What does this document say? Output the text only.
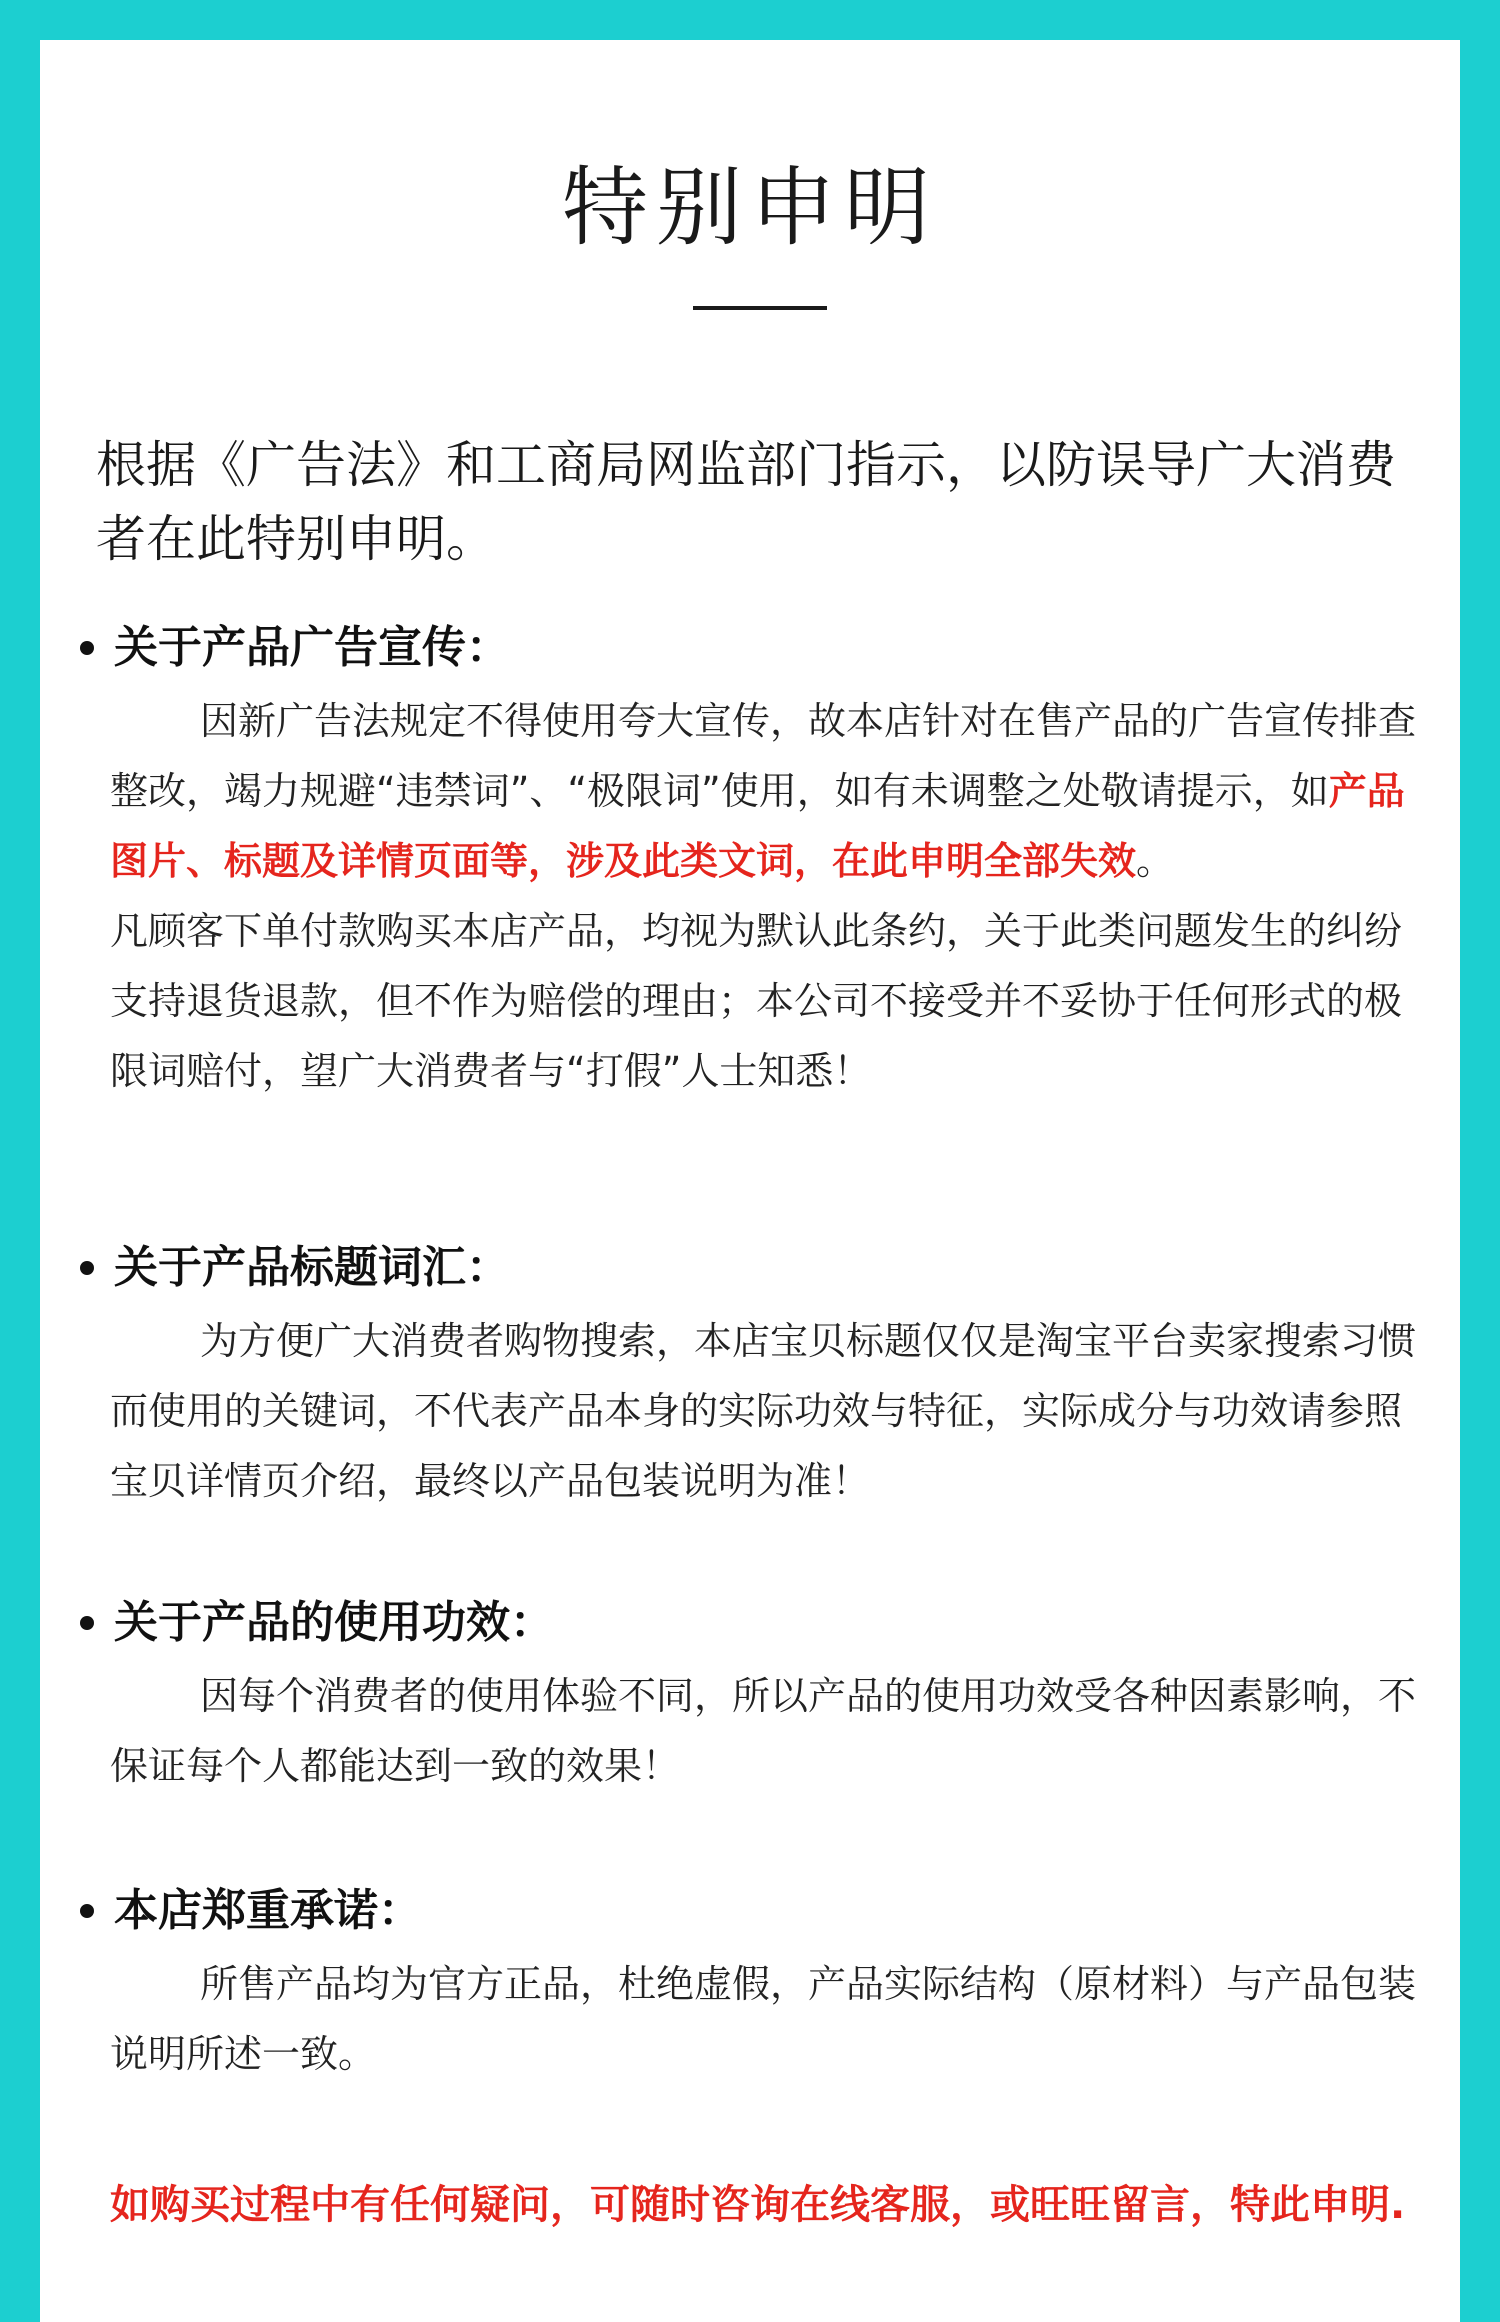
特别申明
根据《广告法》和工商局网监部门指示，以防误导广大消费者在此特别申明。
关于产品广告宣传：
因新广告法规定不得使用夸大宣传，故本店针对在售产品的广告宣传排查整改，竭力规避“违禁词”、“极限词”使用，如有未调整之处敬请提示，如产品图片、标题及详情页面等，涉及此类文词，在此申明全部失效。
凡顾客下单付款购买本店产品，均视为默认此条约，关于此类问题发生的纠纷支持退货退款，但不作为赔偿的理由；本公司不接受并不妥协于任何形式的极限词赔付，望广大消费者与“打假”人士知悉！
关于产品标题词汇：
为方便广大消费者购物搜索，本店宝贝标题仅仅是淘宝平台卖家搜索习惯而使用的关键词，不代表产品本身的实际功效与特征，实际成分与功效请参照宝贝详情页介绍，最终以产品包装说明为准！
关于产品的使用功效：
因每个消费者的使用体验不同，所以产品的使用功效受各种因素影响，不保证每个人都能达到一致的效果！
本店郑重承诺：
所售产品均为官方正品，杜绝虚假，产品实际结构（原材料）与产品包装说明所述一致。
如购买过程中有任何疑问，可随时咨询在线客服，或旺旺留言，特此申明.
